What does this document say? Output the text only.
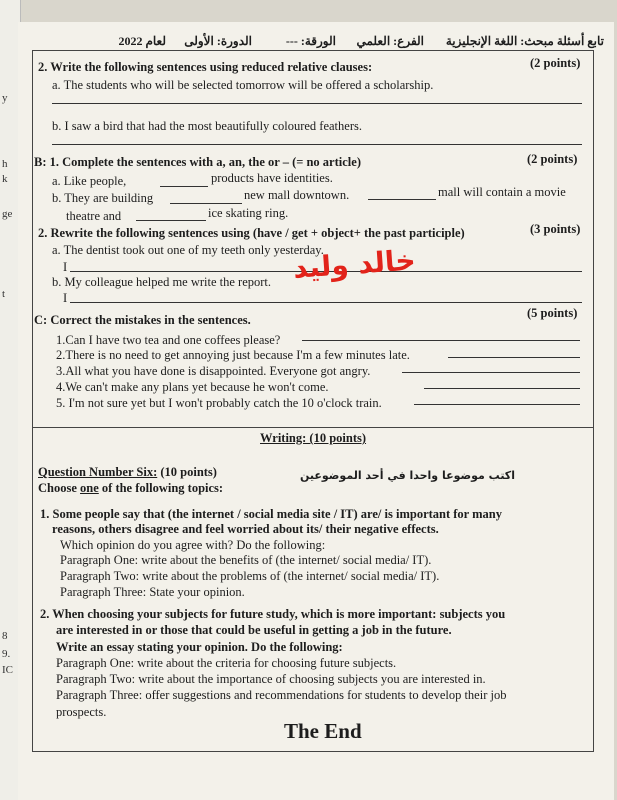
y
h
k
ge
t
8
9.
IC
تابع أسئلة مبحث: اللغة الإنجليزية
الفرع: العلمي
الورقة: ---
الدورة: الأولى
لعام 2022
2. Write the following sentences using reduced relative clauses:	(2 points)
a. The students who will be selected tomorrow will be offered a scholarship.
b. I saw a bird that had the most beautifully coloured feathers.
B: 1. Complete the sentences with a, an, the or – (= no article)	(2 points)
a. Like people,	products have identities.
b. They are building	new mall downtown.	mall will contain a movie
theatre and	ice skating ring.
2. Rewrite the following sentences using (have / get + object+ the past participle)	(3 points)
a. The dentist took out one of my teeth only yesterday.
I
b. My colleague helped me write the report.
I
خالد وليد
C: Correct the mistakes in the sentences.	(5 points)
1.Can I have two tea and one coffees please?
2.There is no need to get annoying just because I'm a few minutes late.
3.All what you have done is disappointed. Everyone got angry.
4.We can't make any plans yet because he won't come.
5. I'm not sure yet but I won't probably catch the 10 o'clock train.
Writing: (10 points)
Question Number Six: (10 points)
Choose one of the following topics:
اكتب موضوعا واحدا في أحد الموضوعين
1. Some people say that (the internet / social media site / IT) are/ is important for many
reasons, others disagree and feel worried about its/ their negative effects.
Which opinion do you agree with? Do the following:
Paragraph One: write about the benefits of (the internet/ social media/ IT).
Paragraph Two: write about the problems of (the internet/ social media/ IT).
Paragraph Three: State your opinion.
2. When choosing your subjects for future study, which is more important: subjects you
are interested in or those that could be useful in getting a job in the future.
Write an essay stating your opinion. Do the following:
Paragraph One: write about the criteria for choosing future subjects.
Paragraph Two: write about the importance of choosing subjects you are interested in.
Paragraph Three: offer suggestions and recommendations for students to develop their job
prospects.
The End
